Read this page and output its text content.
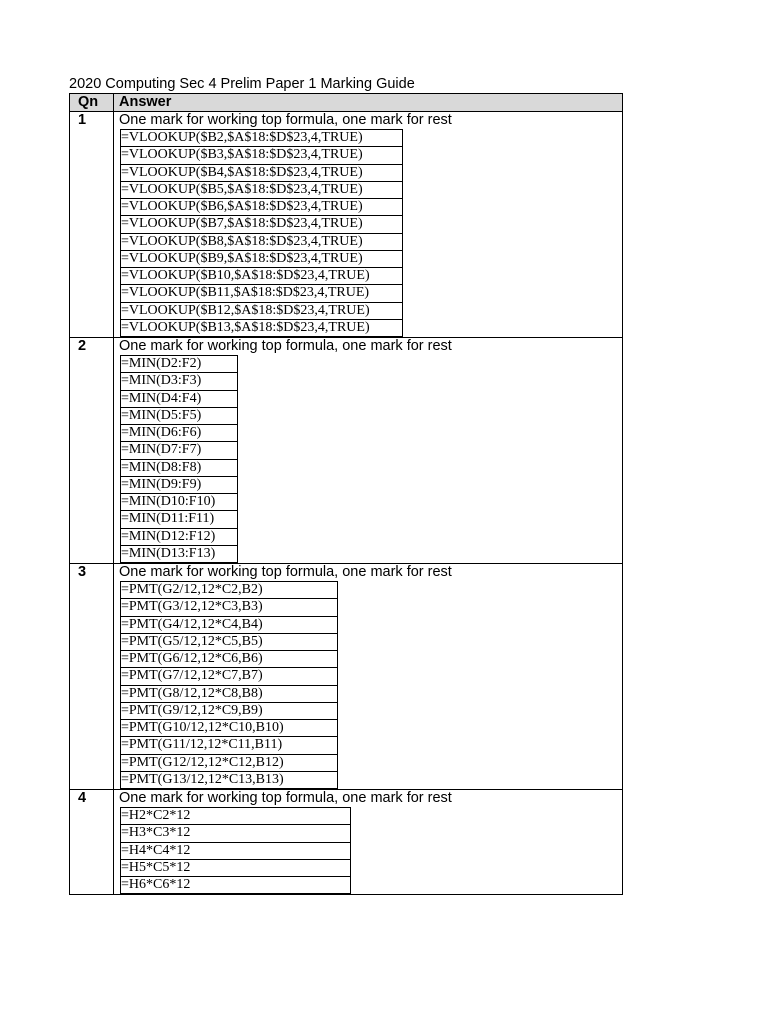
2020 Computing Sec 4 Prelim Paper 1 Marking Guide
Qn	Answer
1	One mark for working top formula, one mark for rest
=VLOOKUP($B2,$A$18:$D$23,4,TRUE)
=VLOOKUP($B3,$A$18:$D$23,4,TRUE)
=VLOOKUP($B4,$A$18:$D$23,4,TRUE)
=VLOOKUP($B5,$A$18:$D$23,4,TRUE)
=VLOOKUP($B6,$A$18:$D$23,4,TRUE)
=VLOOKUP($B7,$A$18:$D$23,4,TRUE)
=VLOOKUP($B8,$A$18:$D$23,4,TRUE)
=VLOOKUP($B9,$A$18:$D$23,4,TRUE)
=VLOOKUP($B10,$A$18:$D$23,4,TRUE)
=VLOOKUP($B11,$A$18:$D$23,4,TRUE)
=VLOOKUP($B12,$A$18:$D$23,4,TRUE)
=VLOOKUP($B13,$A$18:$D$23,4,TRUE)

2	One mark for working top formula, one mark for rest
=MIN(D2:F2)
=MIN(D3:F3)
=MIN(D4:F4)
=MIN(D5:F5)
=MIN(D6:F6)
=MIN(D7:F7)
=MIN(D8:F8)
=MIN(D9:F9)
=MIN(D10:F10)
=MIN(D11:F11)
=MIN(D12:F12)
=MIN(D13:F13)

3	One mark for working top formula, one mark for rest
=PMT(G2/12,12*C2,B2)
=PMT(G3/12,12*C3,B3)
=PMT(G4/12,12*C4,B4)
=PMT(G5/12,12*C5,B5)
=PMT(G6/12,12*C6,B6)
=PMT(G7/12,12*C7,B7)
=PMT(G8/12,12*C8,B8)
=PMT(G9/12,12*C9,B9)
=PMT(G10/12,12*C10,B10)
=PMT(G11/12,12*C11,B11)
=PMT(G12/12,12*C12,B12)
=PMT(G13/12,12*C13,B13)

4	One mark for working top formula, one mark for rest
=H2*C2*12
=H3*C3*12
=H4*C4*12
=H5*C5*12
=H6*C6*12
